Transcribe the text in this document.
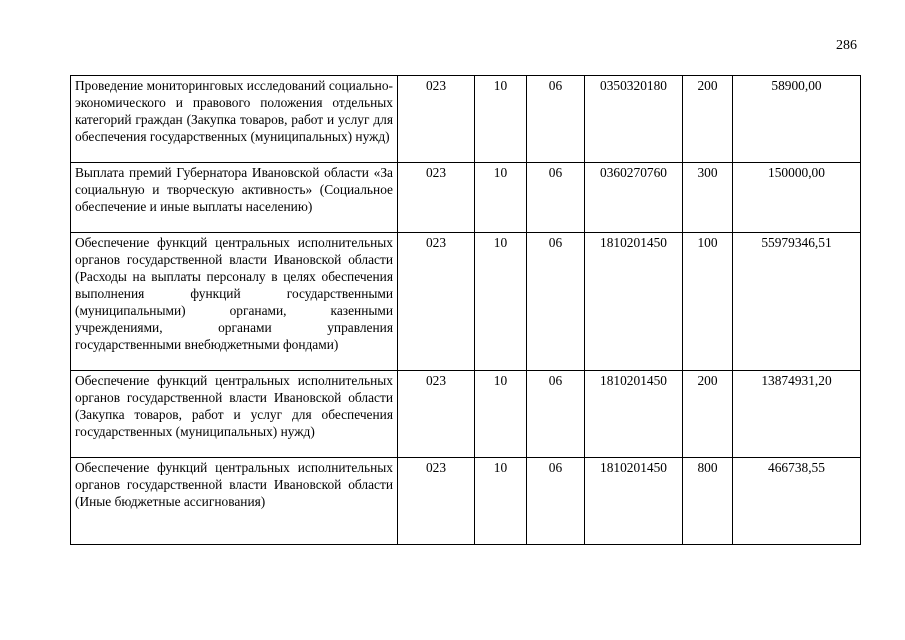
286
Проведение мониторинговых исследований социально-экономического и правового положения отдельных категорий граждан (Закупка товаров, работ и услуг для обеспечения государственных (муниципальных) нужд)	023	10	06	0350320180	200	58900,00
Выплата премий Губернатора Ивановской области «За социальную и творческую активность» (Социальное обеспечение и иные выплаты населению)	023	10	06	0360270760	300	150000,00
Обеспечение функций центральных исполнительных органов государственной власти Ивановской области (Расходы на выплаты персоналу в целях обеспечения выполнения функций государственными (муниципальными) органами, казенными учреждениями, органами управления государственными внебюджетными фондами)	023	10	06	1810201450	100	55979346,51
Обеспечение функций центральных исполнительных органов государственной власти Ивановской области (Закупка товаров, работ и услуг для обеспечения государственных (муниципальных) нужд)	023	10	06	1810201450	200	13874931,20
Обеспечение функций центральных исполнительных органов государственной власти Ивановской области (Иные бюджетные ассигнования)	023	10	06	1810201450	800	466738,55
